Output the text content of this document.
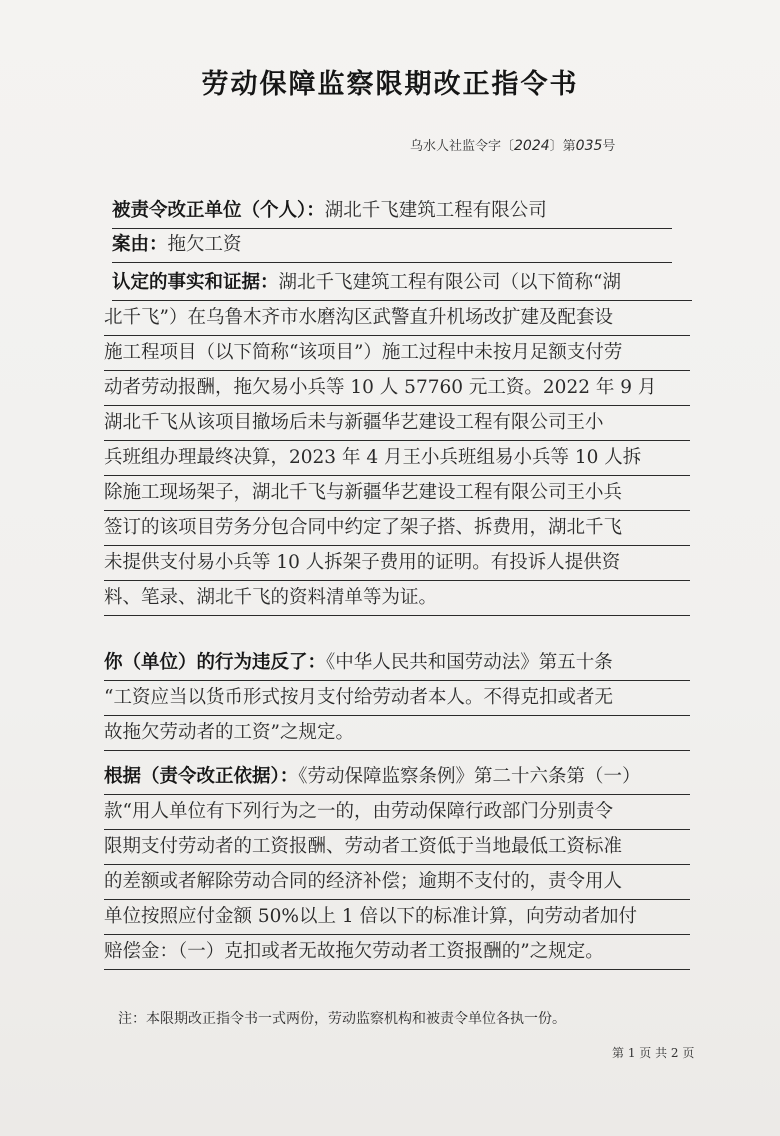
劳动保障监察限期改正指令书
乌水人社监令字〔2024〕第035号
被责令改正单位（个人）：湖北千飞建筑工程有限公司
案由：拖欠工资
认定的事实和证据：湖北千飞建筑工程有限公司（以下简称“湖
北千飞”）在乌鲁木齐市水磨沟区武警直升机场改扩建及配套设
施工程项目（以下简称“该项目”）施工过程中未按月足额支付劳
动者劳动报酬，拖欠易小兵等 10 人 57760 元工资。2022 年 9 月
湖北千飞从该项目撤场后未与新疆华艺建设工程有限公司王小
兵班组办理最终决算，2023 年 4 月王小兵班组易小兵等 10 人拆
除施工现场架子，湖北千飞与新疆华艺建设工程有限公司王小兵
签订的该项目劳务分包合同中约定了架子搭、拆费用，湖北千飞
未提供支付易小兵等 10 人拆架子费用的证明。有投诉人提供资
料、笔录、湖北千飞的资料清单等为证。
你（单位）的行为违反了：《中华人民共和国劳动法》第五十条
“工资应当以货币形式按月支付给劳动者本人。不得克扣或者无
故拖欠劳动者的工资”之规定。
根据（责令改正依据）：《劳动保障监察条例》第二十六条第（一）
款“用人单位有下列行为之一的，由劳动保障行政部门分别责令
限期支付劳动者的工资报酬、劳动者工资低于当地最低工资标准
的差额或者解除劳动合同的经济补偿；逾期不支付的，责令用人
单位按照应付金额 50%以上 1 倍以下的标准计算，向劳动者加付
赔偿金：（一）克扣或者无故拖欠劳动者工资报酬的”之规定。
注：本限期改正指令书一式两份，劳动监察机构和被责令单位各执一份。
第 1 页 共 2 页
